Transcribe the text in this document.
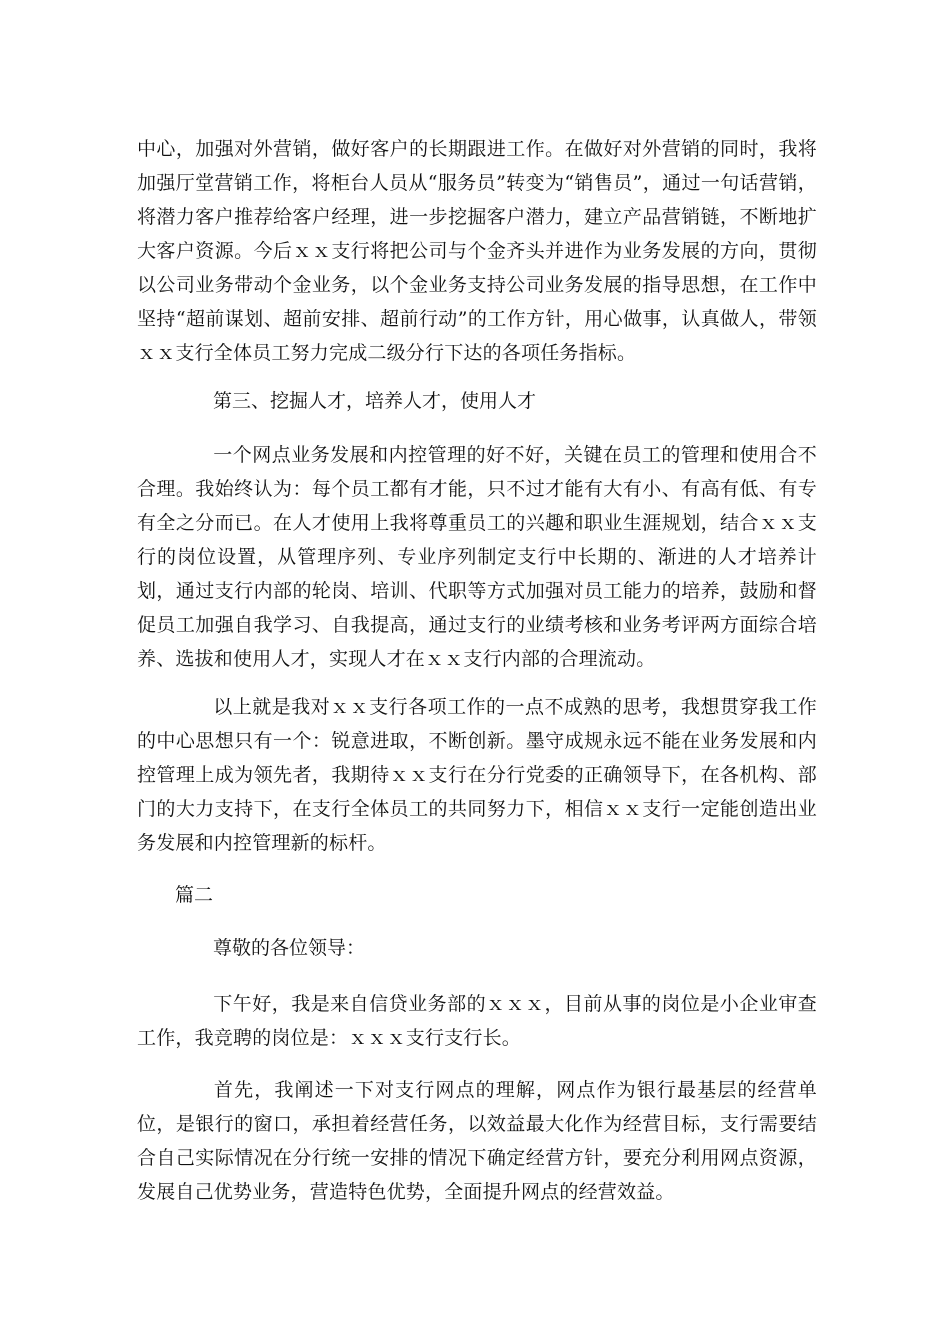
中心，加强对外营销，做好客户的长期跟进工作。在做好对外营销的同时，我将加强厅堂营销工作，将柜台人员从“服务员”转变为“销售员”，通过一句话营销，将潜力客户推荐给客户经理，进一步挖掘客户潜力，建立产品营销链，不断地扩大客户资源。今后ｘｘ支行将把公司与个金齐头并进作为业务发展的方向，贯彻以公司业务带动个金业务，以个金业务支持公司业务发展的指导思想，在工作中坚持“超前谋划、超前安排、超前行动”的工作方针，用心做事，认真做人，带领ｘｘ支行全体员工努力完成二级分行下达的各项任务指标。

第三、挖掘人才，培养人才，使用人才

一个网点业务发展和内控管理的好不好，关键在员工的管理和使用合不合理。我始终认为：每个员工都有才能，只不过才能有大有小、有高有低、有专有全之分而已。在人才使用上我将尊重员工的兴趣和职业生涯规划，结合ｘｘ支行的岗位设置，从管理序列、专业序列制定支行中长期的、渐进的人才培养计划，通过支行内部的轮岗、培训、代职等方式加强对员工能力的培养，鼓励和督促员工加强自我学习、自我提高，通过支行的业绩考核和业务考评两方面综合培养、选拔和使用人才，实现人才在ｘｘ支行内部的合理流动。

以上就是我对ｘｘ支行各项工作的一点不成熟的思考，我想贯穿我工作的中心思想只有一个：锐意进取，不断创新。墨守成规永远不能在业务发展和内控管理上成为领先者，我期待ｘｘ支行在分行党委的正确领导下，在各机构、部门的大力支持下，在支行全体员工的共同努力下，相信ｘｘ支行一定能创造出业务发展和内控管理新的标杆。

篇二

尊敬的各位领导：

下午好，我是来自信贷业务部的ｘｘｘ，目前从事的岗位是小企业审查工作，我竞聘的岗位是：ｘｘｘ支行支行长。

首先，我阐述一下对支行网点的理解，网点作为银行最基层的经营单位，是银行的窗口，承担着经营任务，以效益最大化作为经营目标，支行需要结合自己实际情况在分行统一安排的情况下确定经营方针，要充分利用网点资源，发展自己优势业务，营造特色优势，全面提升网点的经营效益。
